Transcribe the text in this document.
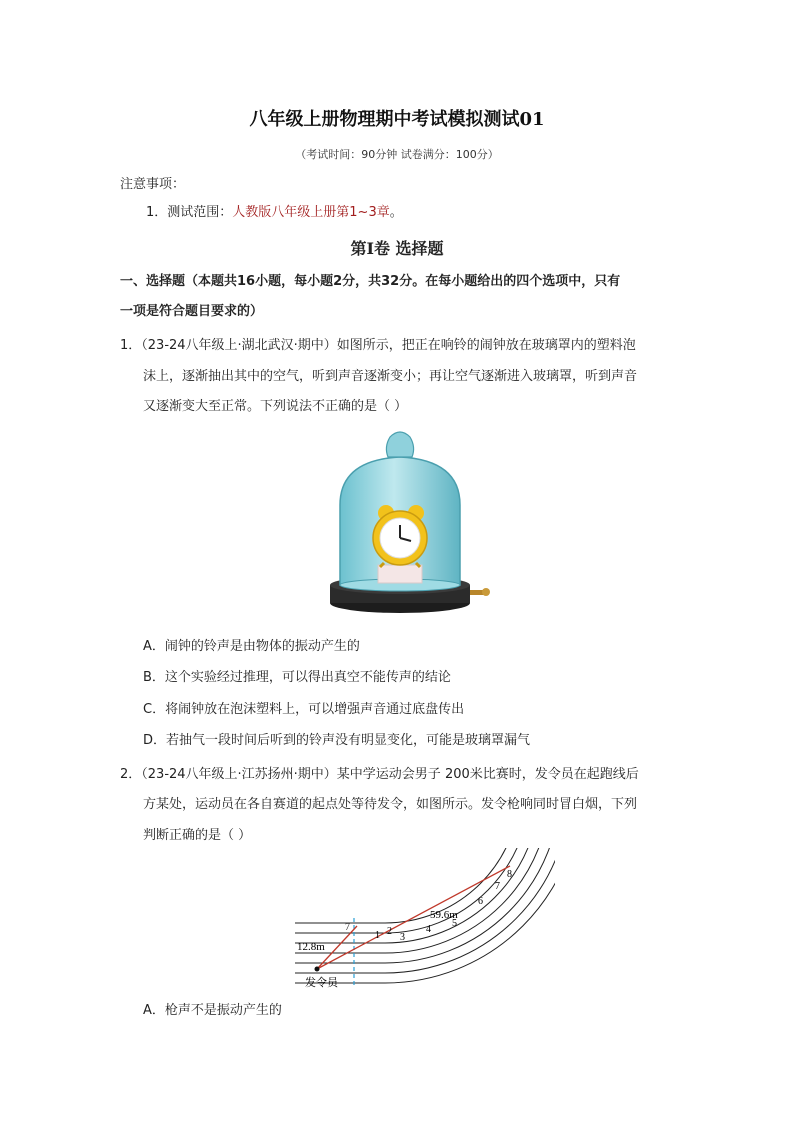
八年级上册物理期中考试模拟测试01
（考试时间：90分钟 试卷满分：100分）
注意事项：
1．测试范围：人教版八年级上册第1~3章。
第Ⅰ卷 选择题
一、选择题（本题共16小题，每小题2分，共32分。在每小题给出的四个选项中，只有
一项是符合题目要求的）
1．（23-24八年级上·湖北武汉·期中）如图所示，把正在响铃的闹钟放在玻璃罩内的塑料泡
沫上，逐渐抽出其中的空气，听到声音逐渐变小；再让空气逐渐进入玻璃罩，听到声音
又逐渐变大至正常。下列说法不正确的是（ ）
A．闹钟的铃声是由物体的振动产生的
B．这个实验经过推理，可以得出真空不能传声的结论
C．将闹钟放在泡沫塑料上，可以增强声音通过底盘传出
D．若抽气一段时间后听到的铃声没有明显变化，可能是玻璃罩漏气
2．（23-24八年级上·江苏扬州·期中）某中学运动会男子 200米比赛时，发令员在起跑线后
方某处，运动员在各自赛道的起点处等待发令，如图所示。发令枪响同时冒白烟，下列
判断正确的是（ ）
59.6m
12.8m
发令员
1 2
3
4
5
6
7
8
7
A．枪声不是振动产生的
